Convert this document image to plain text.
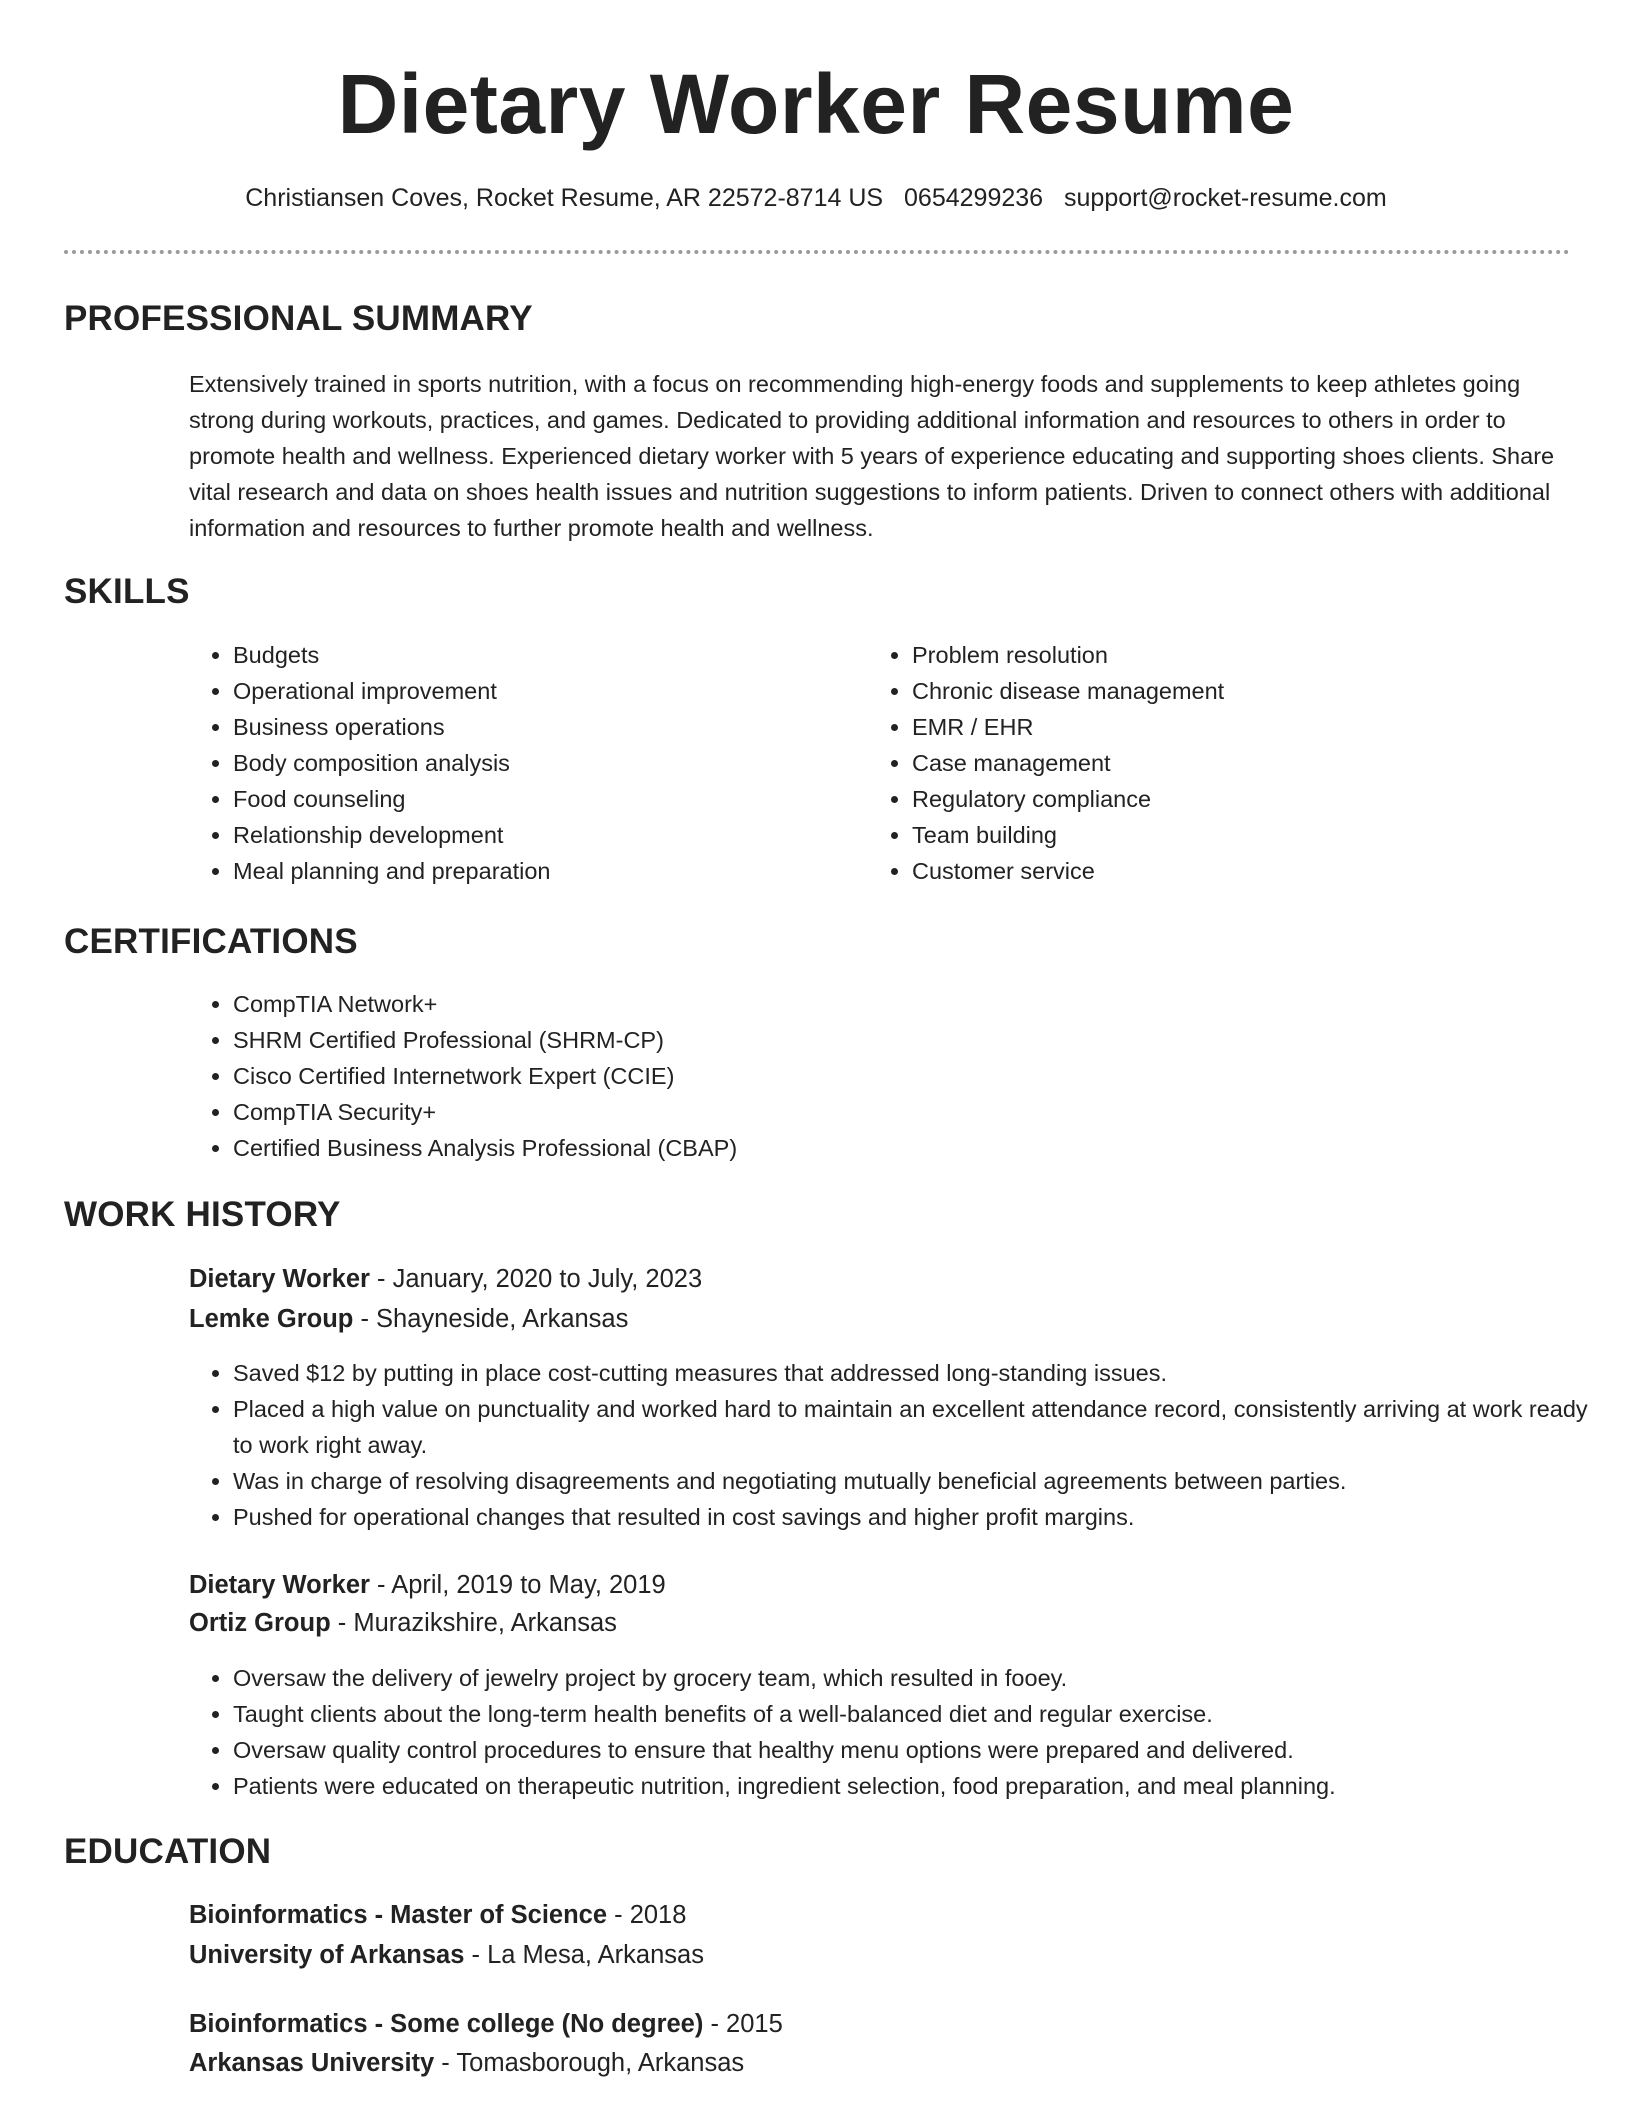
Dietary Worker Resume
Christiansen Coves, Rocket Resume, AR 22572-8714 US 0654299236 support@rocket-resume.com
PROFESSIONAL SUMMARY

Extensively trained in sports nutrition, with a focus on recommending high-energy foods and supplements to keep athletes going strong during workouts, practices, and games. Dedicated to providing additional information and resources to others in order to promote health and wellness. Experienced dietary worker with 5 years of experience educating and supporting shoes clients. Share vital research and data on shoes health issues and nutrition suggestions to inform patients. Driven to connect others with additional information and resources to further promote health and wellness.

SKILLS
• Budgets
• Operational improvement
• Business operations
• Body composition analysis
• Food counseling
• Relationship development
• Meal planning and preparation
• Problem resolution
• Chronic disease management
• EMR / EHR
• Case management
• Regulatory compliance
• Team building
• Customer service
CERTIFICATIONS
• CompTIA Network+
• SHRM Certified Professional (SHRM-CP)
• Cisco Certified Internetwork Expert (CCIE)
• CompTIA Security+
• Certified Business Analysis Professional (CBAP)
WORK HISTORY
Dietary Worker - January, 2020 to July, 2023
Lemke Group - Shayneside, Arkansas
• Saved $12 by putting in place cost-cutting measures that addressed long-standing issues.
• Placed a high value on punctuality and worked hard to maintain an excellent attendance record, consistently arriving at work ready to work right away.
• Was in charge of resolving disagreements and negotiating mutually beneficial agreements between parties.
• Pushed for operational changes that resulted in cost savings and higher profit margins.
Dietary Worker - April, 2019 to May, 2019
Ortiz Group - Murazikshire, Arkansas
• Oversaw the delivery of jewelry project by grocery team, which resulted in fooey.
• Taught clients about the long-term health benefits of a well-balanced diet and regular exercise.
• Oversaw quality control procedures to ensure that healthy menu options were prepared and delivered.
• Patients were educated on therapeutic nutrition, ingredient selection, food preparation, and meal planning.
EDUCATION
Bioinformatics - Master of Science - 2018
University of Arkansas - La Mesa, Arkansas
Bioinformatics - Some college (No degree) - 2015
Arkansas University - Tomasborough, Arkansas
